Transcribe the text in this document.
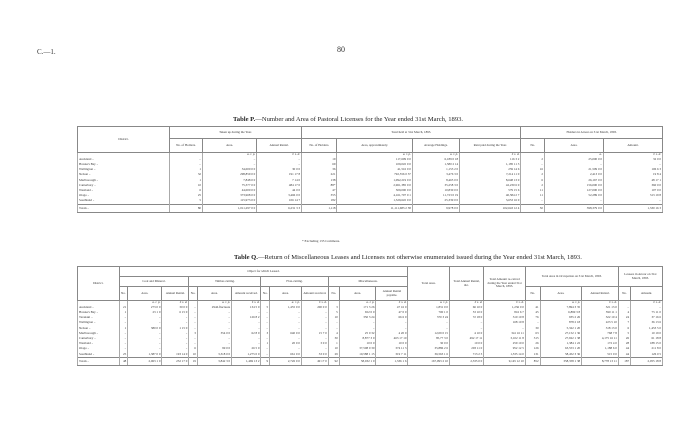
C.—1.	80
Table P.—Number and Area of Pastoral Licenses for the Year ended 31st March, 1893.
District.	Taken up during the Year.			Total held at 31st March, 1893.				Holders in Arrear on 31st March, 1893.		
	No. of Holders.	Area.	Annual Rental.	No. of Holders.	Area, approximately.	Average Holdings.	Rent paid during the Year.	No.	Area.	Amount.
		a. r. p.	£ s. d.		a. r. p.	a. r. p.	£ s. d.		a.	£ s. d.
Auckland ..	..	..	..	19	117,609 0 0	6,189 0 18	116 3 2	2	25,000 0 0	32 0 0
Hawke's Bay ..	..	..	..	69	109,045 0 0	1,580 2 14	1,185 11 3	..	..	..
Wellington ..	1	34,000 0 0	30 0 0	36	41,516 0 0	1,153 2 0	259 14 6	16	21,509 0 0	106 6 3
Nelson ..	32	298,859 0 0	191 17 8	221	792,556 0 37	3,476 3 0	7,214 11 0	2	2,413 0 0	19 8 4
Marlborough ..	1	7,848 0 0	7 14 0	138	1,092,219 0 0	8,465 0 0	8,648 13 0	6	26,167 0 0	48 17 1
Canterbury ..	10	75,377 0 0	484 17 0	88*	2,961,385 0 0	35,258 3 0	42,230 6 0	2	156,000 0 0	360 0 0
Westland ..	6	44,000 0 0	44 0 0	47	509,000 0 0	10,830 0 0	579 15 6	11	127,000 0 0	107 0 0
Otago ..	25	373,968 0 0	3,466 0 0	355	4,161,707 0 1	11,723 0 19	40,584 2 7	11	52,289 0 0	313 19 8
Southland ..	5	115,973 0 0	106 14 7	182	1,329,645 0 0	25,339 0 0	3,653 16 0	..	..	..
Totals ..	80	1,011,297 0 0	6,231 3 3	1,118	11,111,683 2 38	9,978 0 0	102,643 12 4	50	398,379 0 0	1,330 16 3
* Excluding 135 Commons.
Table Q.—Return of Miscellaneous Leases and Licenses not otherwise enumerated issued during the Year ended 31st March, 1893.
District.	Object for which Leased.												Total Area.	Total Annual Rental, &c.	Total Amount re-ceived during the Year ended 31st March, 1893.	Total Area in Occupation on 31st March, 1893.			Lessees in Arrear on 31st March, 1893.	
	Coal and Mineral.			Timber-cutting.			Flax-cutting.			Miscellaneous.										
	No.	Area.	Annual Rental.	No.	Area.	Amount received.	No.	Area.	Amount received.	No.	Area.	Annual Rental payable.				No.	Area.	Annual Rental.	No.	Amount.
		a. r. p.	£ s. d.		a. r. p.	£ s. d.		a. r. p.	£ s. d.		a. r. p.	£ s. d.	a. r. p.	£ s. d.	£ s. d.		a. r. p.	£ s. d.		£ s. d.
Auckland ..	21	273 0 0	30 0 0	..	29dd.fluctuate	134 5 0	5	1,455 0 0	200 0 0	3	171 3 26	47 16 0	1,831 0 0	66 10 0	1,236 0 0	41	7,894 3 35	321 13 0	..	..
Hawke's Bay ..	1	23 1 0	6 15 0	..	..	..	..	..	..	5	652 0 0	47 0 0	700 1 0	53 10 0	816 6 7	45	6,899 3 8	590 11 1	4	75 11 0
Taranaki ..	..	..	..	..	..	126 8 2	..	..	..	10	350 3 24	66 6 0	370 3 24	72 18 0	310 10 8	76	935 2 26	322 10 4	24	37 16 6
Wellington ..	..	..	..	..	..	..	..	..	..	..	..	..	..	..	168 10 8	..	878 2 18	223 5 10	7	36 13 6
Nelson ..	1	380 0 0	1 15 0	..	..	..	..	..	..	..	..	..	..	..	..	30	5,322 1 20	318 13 0	6	1,453 5 0
Marlborough ..	..	..	..	3	354 0 0	62 8 0	3	640 0 0	15 7 0	4	25 0 32	4 20 0	12,09 0 15	4 10 0	341 16 11	63	27,152 1 36	768 7 8	5	10 19 0
Canterbury ..	..	..	..	..	..	..	..	..	..	30	8,877 3 0	463 17 10	85,77 3 0	492 17 11	3,102 11 8	315	27,922 1 38	4,175 16 11	26	61 18 8
Westland ..	..	..	..	..	..	..	1	20 0 0	3 0 0	1	10 0 0	10 0 0	30 0 0	10 0 0	259 10 0	26	1,384 1 22	172 4 0	28	188 15 0
Otago ..	..	..	..	6	99 0 0	26 5 0	..	..	..	10	37,508 0 30	374 11 3	35,886 2 6	293 11 0	952 12 5	126	63,553 1 20	1,188 6 0	44	211 8 0
Southland ..	25	1,387 0 0	193 14 0	10	3,318 0 0	1,275 0 0	..	661 0 0	33 0 0	29	10,588 1 15	319 7 11	36,563 1 6	713 2 3	1,535 14 0	131	58,452 3 36	515 0 0	44	126 0 5
Totals ..	48	2,063 1 0	232 17 0	19	3,842 3 0	1,469 13 2	9	2,726 0 0	49 17 0	92	58,032 1 0	1,336 1 6	167,093 2 10	2,335 0 0	9,145 12 10	852	358,358 1 38	8,778 13 11	187	2,055 18 8
